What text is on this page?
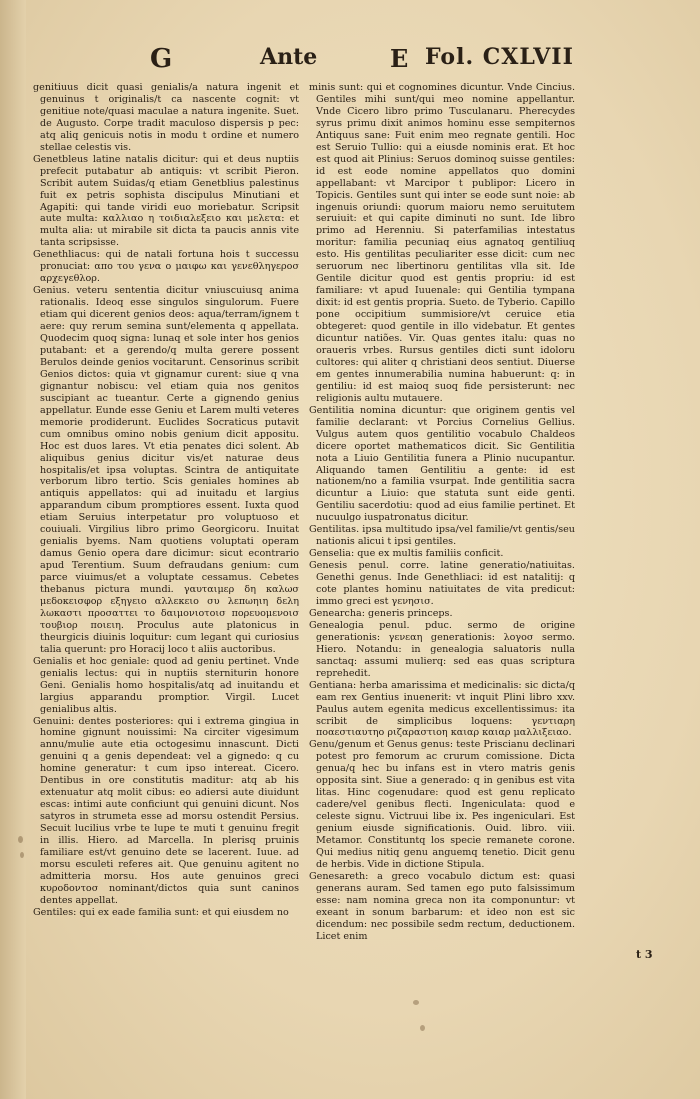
G	Ante	E Fol. CXLVII

genitiuus dicit quasi genialis/a natura ingenit et genuinus t originalis/t ca nascente cognit: vt genitiue note/quasi maculae a natura ingenite. Suet. de Augusto. Corpe tradit maculoso dispersis p pec: atq aliq genicuis notis in modu t ordine et numero stellae celestis vis.

Genetbleus latine natalis dicitur: qui et deus nuptiis prefecit putabatur ab antiquis: vt scribit Pieron. Scribit autem Suidas/q etiam Genetblius palestinus fuit ex petris sophista discipulus Minutiani et Agapiti: qui tande viridi euo moriebatur. Scripsit aute multa: καλλιαο η τοιδιαλεξειο και μελετα: et multa alia: ut mirabile sit dicta ta paucis annis vite tanta scripsisse.

Genethliacus: qui de natali fortuna hois t successu pronuciat: απο του γενα ο μαιφω και γενεθληγεροσ αρχεγεθλορ.

Genius. veteru sententia dicitur vniuscuiusq anima rationalis. Ideoq esse singulos singulorum. Fuere etiam qui dicerent genios deos: aqua/terram/ignem t aere: quy rerum semina sunt/elementa q appellata. Quodecim quoq signa: lunaq et sole inter hos genios putabant: et a gerendo/q multa gerere possent Berulos deinde genios vocitarunt. Censorinus scribit Genios dictos: quia vt gignamur curent: siue q vna gignantur nobiscu: vel etiam quia nos genitos suscipiant ac tueantur. Certe a gignendo genius appellatur. Eunde esse Geniu et Larem multi veteres memorie prodiderunt. Euclides Socraticus putavit cum omnibus omino nobis genium dicit appositu. Hoc est duos lares. Vt etia penates dici solent. Ab aliquibus genius dicitur vis/et naturae deus hospitalis/et ipsa voluptas. Scintra de antiquitate verborum libro tertio. Scis geniales homines ab antiquis appellatos: qui ad inuitadu et largius apparandum cibum promptiores essent. Iuxta quod etiam Seruius interpetatur pro voluptuoso et couiuali. Virgilius libro primo Georgicoru. Inuitat genialis byems. Nam quotiens voluptati operam damus Genio opera dare dicimur: sicut econtrario apud Terentium. Suum defraudans genium: cum parce viuimus/et a voluptate cessamus. Cebetes thebanus pictura mundi. γαυταιμερ δη καλωσ μεδοκεισφορ εξηγειο αλλεκειο συ λεπωηιη δελη λωκαστι προσαττει το δαιμονιοτοισ πορευομενοισ τουβιορ ποιειη. Proculus aute platonicus in theurgicis diuinis loquitur: cum legant qui curiosius talia querunt: pro Horacij loco t aliis auctoribus.

Genialis et hoc geniale: quod ad geniu pertinet. Vnde genialis lectus: qui in nuptiis sterniturin honore Geni. Genialis homo hospitalis/atq ad inuitandu et largius apparandu promptior. Virgil. Lucet genialibus altis.

Genuini: dentes posteriores: qui i extrema gingiua in homine gignunt nouissimi: Na circiter vigesimum annu/mulie aute etia octogesimu innascunt. Dicti genuini q a genis dependeat: vel a gignedo: q cu homine generatur: t cum ipso intereat. Cicero. Dentibus in ore constitutis maditur: atq ab his extenuatur atq molit cibus: eo adiersi aute diuidunt escas: intimi aute conficiunt qui genuini dicunt. Nos satyros in strumeta esse ad morsu ostendit Persius. Secuit lucilius vrbe te lupe te muti t genuinu fregit in illis. Hiero. ad Marcella. In plerisq pruinis familiare est/vt genuino dete se lacerent. Iuue. ad morsu esculeti referes ait. Que genuinu agitent no admitteria morsu. Hos aute genuinos greci κυροδοντοσ nominant/dictos quia sunt caninos dentes appellat.

Gentiles: qui ex eade familia sunt: et qui eiusdem no

minis sunt: qui et cognomines dicuntur. Vnde Cincius. Gentiles mihi sunt/qui meo nomine appellantur. Vnde Cicero libro primo Tusculanaru. Pherecydes syrus primu dixit animos hominu esse sempiternos Antiquus sane: Fuit enim meo regnate gentili. Hoc est Seruio Tullio: qui a eiusde nominis erat. Et hoc est quod ait Plinius: Seruos dominoq suisse gentiles: id est eode nomine appellatos quo domini appellabant: vt Marcipor t publipor: Licero in Topicis. Gentiles sunt qui inter se eode sunt noie: ab ingenuis oriundi: quorum maioru nemo seruitutem seruiuit: et qui capite diminuti no sunt. Ide libro primo ad Herenniu. Si paterfamilias intestatus moritur: familia pecuniaq eius agnatoq gentiliuq esto. His gentilitas peculiariter esse dicit: cum nec seruorum nec libertinoru gentilitas vlla sit. Ide Gentile dicitur quod est gentis propriu: id est familiare: vt apud Iuuenale: qui Gentilia tympana dixit: id est gentis propria. Sueto. de Tyberio. Capillo pone occipitium summisiore/vt ceruice etia obtegeret: quod gentile in illo videbatur. Et gentes dicuntur natiões. Vir. Quas gentes italu: quas no oraueris vrbes. Rursus gentiles dicti sunt idoloru cultores: qui aliter q christiani deos sentiut. Diuerse em gentes innumerabilia numina habuerunt: q: in gentiliu: id est maioq suoq fide persisterunt: nec religionis aultu mutauere.

Gentilitia nomina dicuntur: que originem gentis vel familie declarant: vt Porcius Cornelius Gellius. Vulgus autem quos gentilitio vocabulo Chaldeos dicere oportet mathematicos dicit. Sic Gentilitia nota a Liuio Gentilitia funera a Plinio nucupantur. Aliquando tamen Gentilitiu a gente: id est nationem/no a familia vsurpat. Inde gentilitia sacra dicuntur a Liuio: que statuta sunt eide genti. Gentiliu sacerdotiu: quod ad eius familie pertinet. Et nucuulgo iuspatronatus dicitur.

Gentilitas. ipsa multitudo ipsa/vel familie/vt gentis/seu nationis alicui t ipsi gentiles.

Genselia: que ex multis familiis conficit.

Genesis penul. corre. latine generatio/natiuitas. Genethi genus. Inde Genethliaci: id est natalitij: q cote plantes hominu natiuitates de vita predicut: immo greci est γενησισ.

Genearcha: generis princeps.

Genealogia penul. pduc. sermo de origine generationis: γενεαη generationis: λογοσ sermo. Hiero. Notandu: in genealogia saluatoris nulla sanctaq: assumi mulierq: sed eas quas scriptura reprehedit.

Gentiana: herba amarissima et medicinalis: sic dicta/q eam rex Gentius inuenerit: vt inquit Plini libro xxv. Paulus autem egenita medicus excellentissimus: ita scribit de simplicibus loquens: γεντιαρη ποαεστιαυτηο ριζαραστιοη καιαρ καιαρ μαλλιξειαο.

Genu/genum et Genus genus: teste Priscianu declinari potest pro femorum ac crurum comissione. Dicta genua/q hec bu infans est in vtero matris genis opposita sint. Siue a generado: q in genibus est vita litas. Hinc cogenudare: quod est genu replicato cadere/vel genibus flecti. Ingeniculata: quod e celeste signu. Victruui libe ix. Pes ingeniculari. Est genium eiusde significationis. Ouid. libro. viii. Metamor. Constituntq los specie remanete corone. Qui medius nitiq genu anguemq tenetio. Dicit genu de herbis. Vide in dictione Stipula.

Genesareth: a greco vocabulo dictum est: quasi generans auram. Sed tamen ego puto falsissimum esse: nam nomina greca non ita componuntur: vt exeant in sonum barbarum: et ideo non est sic dicendum: nec possibile sedm rectum, deductionem. Licet enim

t 3
